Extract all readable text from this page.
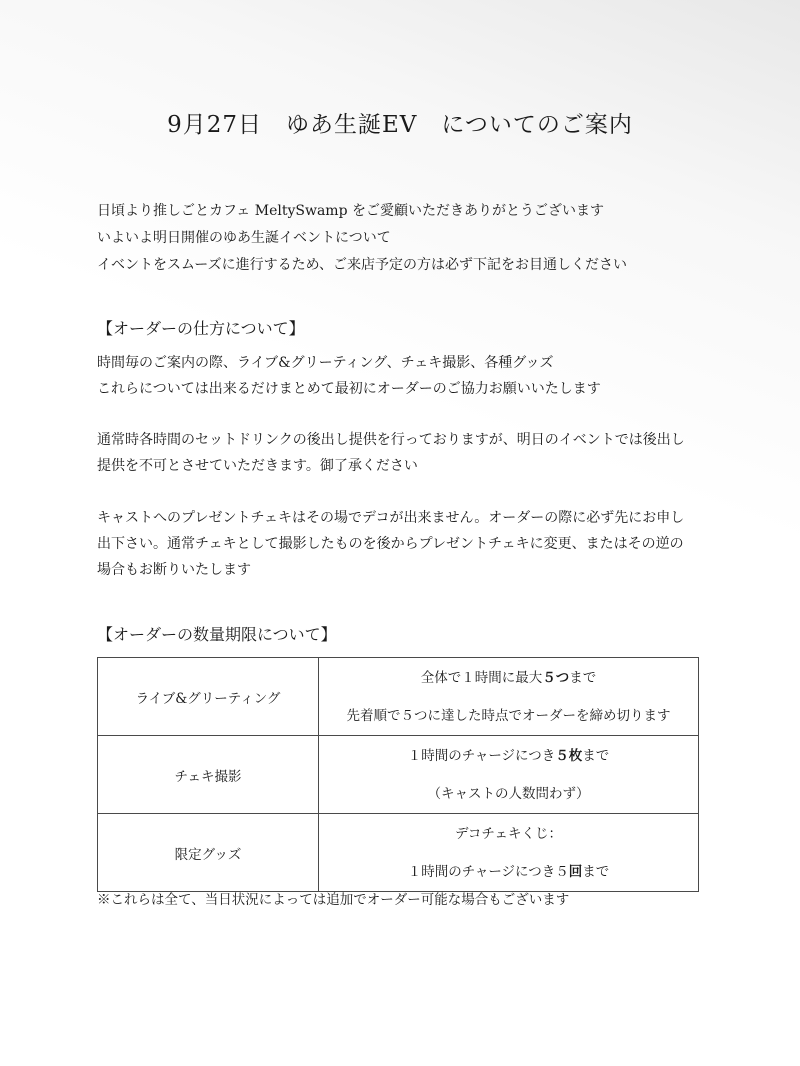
9月27日　ゆあ生誕EV　についてのご案内
日頃より推しごとカフェ MeltySwamp をご愛顧いただきありがとうございます
いよいよ明日開催のゆあ生誕イベントについて
イベントをスムーズに進行するため、ご来店予定の方は必ず下記をお目通しください
【オーダーの仕方について】
時間毎のご案内の際、ライブ&グリーティング、チェキ撮影、各種グッズ
これらについては出来るだけまとめて最初にオーダーのご協力お願いいたします
通常時各時間のセットドリンクの後出し提供を行っておりますが、明日のイベントでは後出し
提供を不可とさせていただきます。御了承ください
キャストへのプレゼントチェキはその場でデコが出来ません。オーダーの際に必ず先にお申し
出下さい。通常チェキとして撮影したものを後からプレゼントチェキに変更、またはその逆の
場合もお断りいたします
【オーダーの数量期限について】
ライブ&グリーティング	全体で１時間に最大５つまで
先着順で５つに達した時点でオーダーを締め切ります

チェキ撮影	１時間のチャージにつき５枚まで
（キャストの人数問わず）

限定グッズ	デコチェキくじ：
１時間のチャージにつき５回まで
※これらは全て、当日状況によっては追加でオーダー可能な場合もございます
